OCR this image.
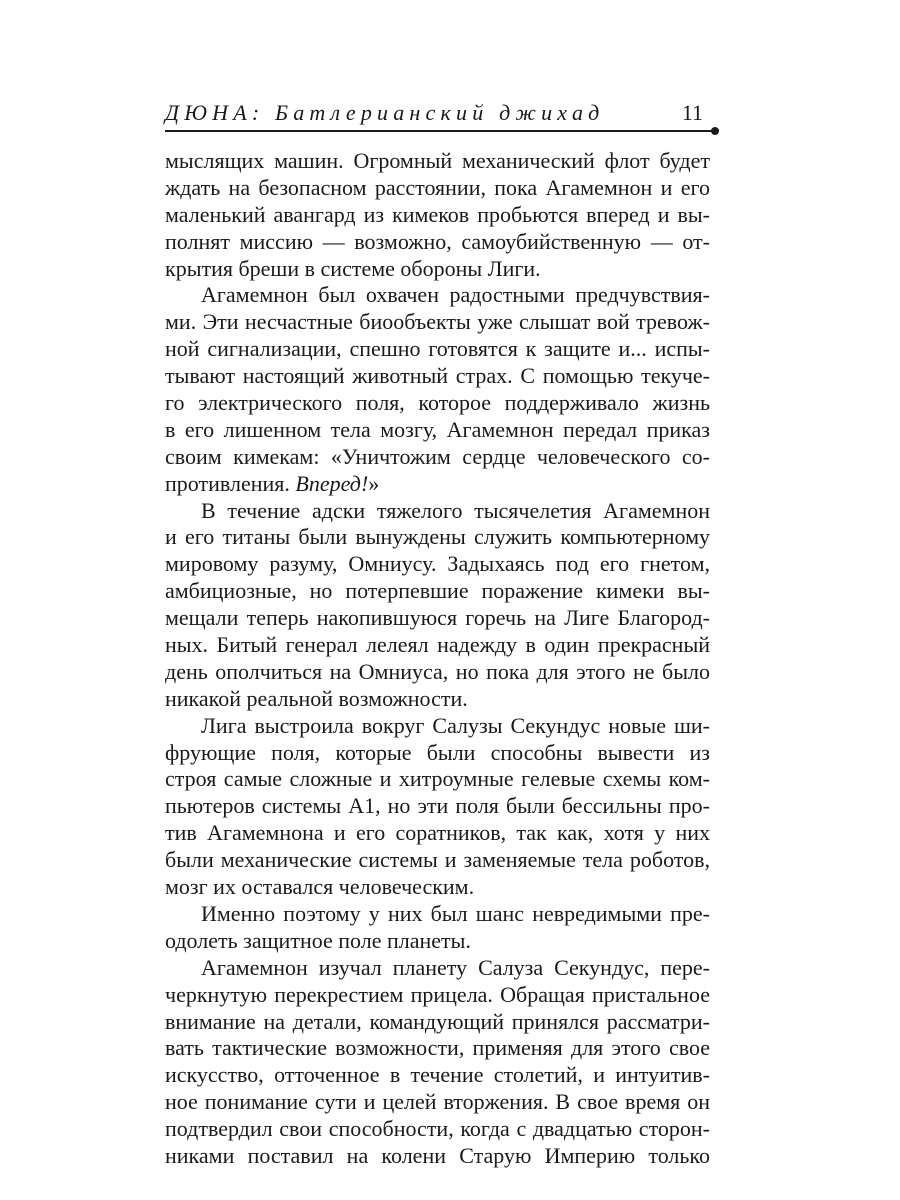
ДЮНА: Батлерианский джихад	11
мыслящих машин. Огромный механический флот будет
ждать на безопасном расстоянии, пока Агамемнон и его
маленький авангард из кимеков пробьются вперед и вы-
полнят миссию — возможно, самоубийственную — от-
крытия бреши в системе обороны Лиги.
Агамемнон был охвачен радостными предчувствия-
ми. Эти несчастные биообъекты уже слышат вой тревож-
ной сигнализации, спешно готовятся к защите и... испы-
тывают настоящий животный страх. С помощью текуче-
го электрического поля, которое поддерживало жизнь
в его лишенном тела мозгу, Агамемнон передал приказ
своим кимекам: «Уничтожим сердце человеческого со-
противления. Вперед!»
В течение адски тяжелого тысячелетия Агамемнон
и его титаны были вынуждены служить компьютерному
мировому разуму, Омниусу. Задыхаясь под его гнетом,
амбициозные, но потерпевшие поражение кимеки вы-
мещали теперь накопившуюся горечь на Лиге Благород-
ных. Битый генерал лелеял надежду в один прекрасный
день ополчиться на Омниуса, но пока для этого не было
никакой реальной возможности.
Лига выстроила вокруг Салузы Секундус новые ши-
фрующие поля, которые были способны вывести из
строя самые сложные и хитроумные гелевые схемы ком-
пьютеров системы А1, но эти поля были бессильны про-
тив Агамемнона и его соратников, так как, хотя у них
были механические системы и заменяемые тела роботов,
мозг их оставался человеческим.
Именно поэтому у них был шанс невредимыми пре-
одолеть защитное поле планеты.
Агамемнон изучал планету Салуза Секундус, пере-
черкнутую перекрестием прицела. Обращая пристальное
внимание на детали, командующий принялся рассматри-
вать тактические возможности, применяя для этого свое
искусство, отточенное в течение столетий, и интуитив-
ное понимание сути и целей вторжения. В свое время он
подтвердил свои способности, когда с двадцатью сторон-
никами поставил на колени Старую Империю только
